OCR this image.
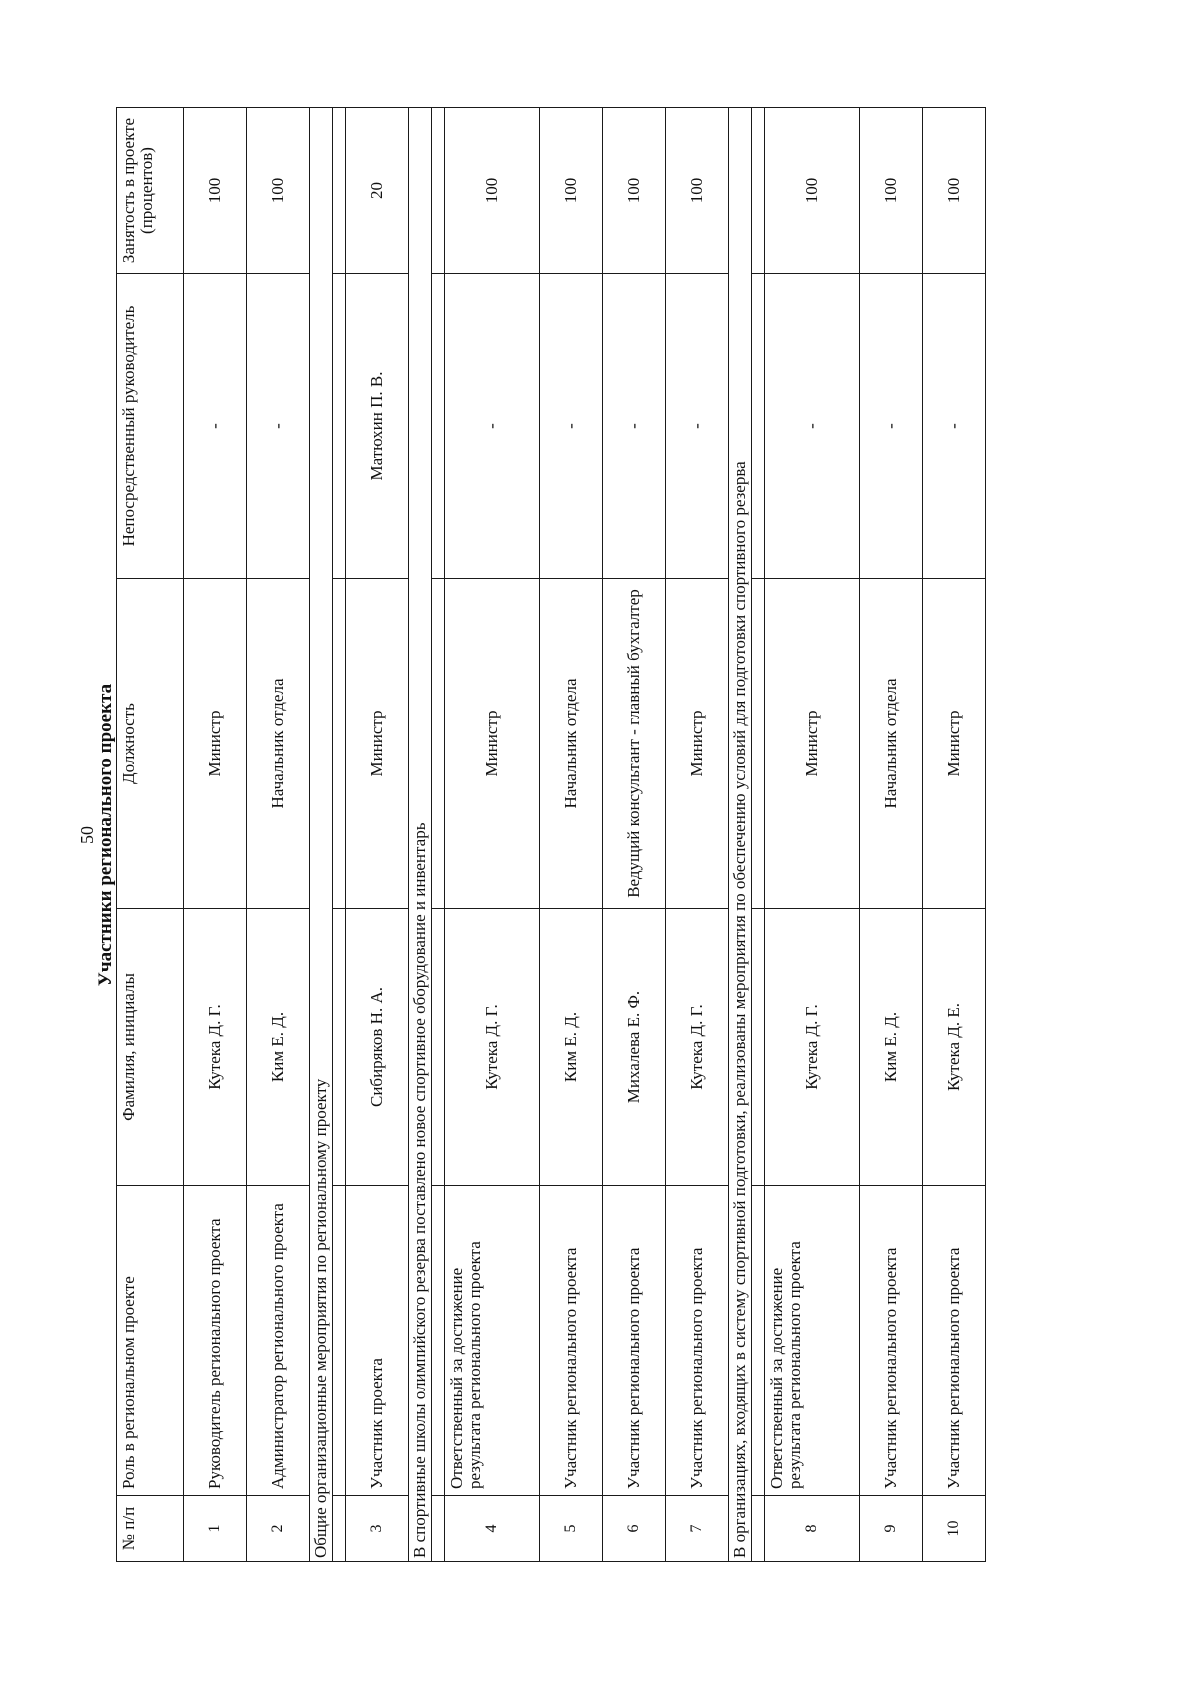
50
Участники регионального проекта
№ п/п	Роль в региональном проекте	Фамилия, инициалы	Должность	Непосредственный руководитель	Занятость в проекте (процентов)
1	Руководитель регионального проекта	Кутека Д. Г.	Министр	-	100
2	Администратор регионального проекта	Ким Е. Д.	Начальник отдела	-	100
Общие организационные мероприятия по региональному проекту					

3	Участник проекта	Сибиряков Н. А.	Министр	Матюхин П. В.	20
В спортивные школы олимпийского резерва поставлено новое спортивное оборудование и инвентарь					

4	Ответственный за достижение результата регионального проекта	Кутека Д. Г.	Министр	-	100
5	Участник регионального проекта	Ким Е. Д.	Начальник отдела	-	100
6	Участник регионального проекта	Михалева Е. Ф.	Ведущий консультант - главный бухгалтер	-	100
7	Участник регионального проекта	Кутека Д. Г.	Министр	-	100
В организациях, входящих в систему спортивной подготовки, реализованы мероприятия по обеспечению условий для подготовки спортивного резерва					

8	Ответственный за достижение результата регионального проекта	Кутека Д. Г.	Министр	-	100
9	Участник регионального проекта	Ким Е. Д.	Начальник отдела	-	100
10	Участник регионального проекта	Кутека Д. Е.	Министр	-	100
